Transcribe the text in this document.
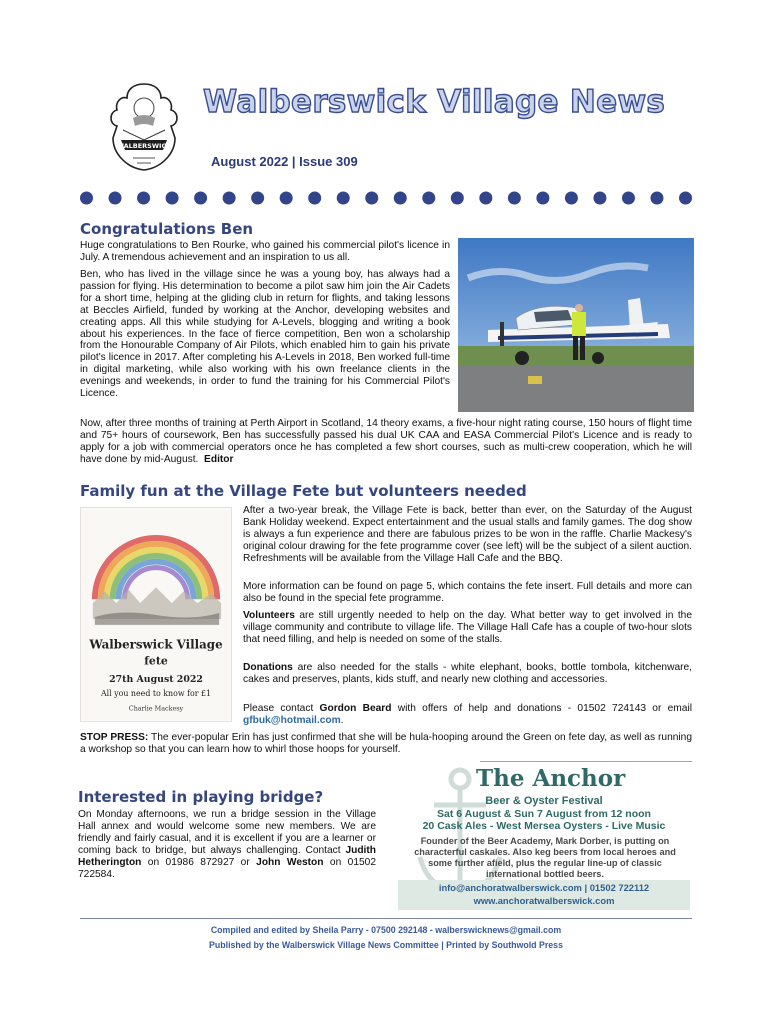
WALBERSWICK
Walberswick Village News
August 2022 | Issue 309
Congratulations Ben
Huge congratulations to Ben Rourke, who gained his commercial pilot's licence in July. A tremendous achievement and an inspiration to us all.
Ben, who has lived in the village since he was a young boy, has always had a passion for flying. His determination to become a pilot saw him join the Air Cadets for a short time, helping at the gliding club in return for flights, and taking lessons at Beccles Airfield, funded by working at the Anchor, developing websites and creating apps. All this while studying for A-Levels, blogging and writing a book about his experiences. In the face of fierce competition, Ben won a scholarship from the Honourable Company of Air Pilots, which enabled him to gain his private pilot's licence in 2017. After completing his A-Levels in 2018, Ben worked full-time in digital marketing, while also working with his own freelance clients in the evenings and weekends, in order to fund the training for his Commercial Pilot's Licence.
Now, after three months of training at Perth Airport in Scotland, 14 theory exams, a five-hour night rating course, 150 hours of flight time and 75+ hours of coursework, Ben has successfully passed his dual UK CAA and EASA Commercial Pilot's Licence and is ready to apply for a job with commercial operators once he has completed a few short courses, such as multi-crew cooperation, which he will have done by mid-August. Editor
Family fun at the Village Fete but volunteers needed
Walberswick Village
fete
27th August 2022
All you need to know for £1
Charlie Mackesy
After a two-year break, the Village Fete is back, better than ever, on the Saturday of the August Bank Holiday weekend. Expect entertainment and the usual stalls and family games. The dog show is always a fun experience and there are fabulous prizes to be won in the raffle. Charlie Mackesy's original colour drawing for the fete programme cover (see left) will be the subject of a silent auction. Refreshments will be available from the Village Hall Cafe and the BBQ.
More information can be found on page 5, which contains the fete insert. Full details and more can also be found in the special fete programme.
Volunteers are still urgently needed to help on the day. What better way to get involved in the village community and contribute to village life. The Village Hall Cafe has a couple of two-hour slots that need filling, and help is needed on some of the stalls.
Donations are also needed for the stalls - white elephant, books, bottle tombola, kitchenware, cakes and preserves, plants, kids stuff, and nearly new clothing and accessories.
Please contact Gordon Beard with offers of help and donations - 01502 724143 or email gfbuk@hotmail.com.
STOP PRESS: The ever-popular Erin has just confirmed that she will be hula-hooping around the Green on fete day, as well as running a workshop so that you can learn how to whirl those hoops for yourself.
Interested in playing bridge?
On Monday afternoons, we run a bridge session in the Village Hall annex and would welcome some new members. We are friendly and fairly casual, and it is excellent if you are a learner or coming back to bridge, but always challenging. Contact Judith Hetherington on 01986 872927 or John Weston on 01502 722584.
The Anchor
Beer & Oyster Festival
Sat 6 August & Sun 7 August from 12 noon
20 Cask Ales - West Mersea Oysters - Live Music
Founder of the Beer Academy, Mark Dorber, is putting on characterful caskales. Also keg beers from local heroes and some further afield, plus the regular line-up of classic international bottled beers.
info@anchoratwalberswick.com | 01502 722112
www.anchoratwalberswick.com
Compiled and edited by Sheila Parry - 07500 292148 - walberswicknews@gmail.com
Published by the Walberswick Village News Committee | Printed by Southwold Press
